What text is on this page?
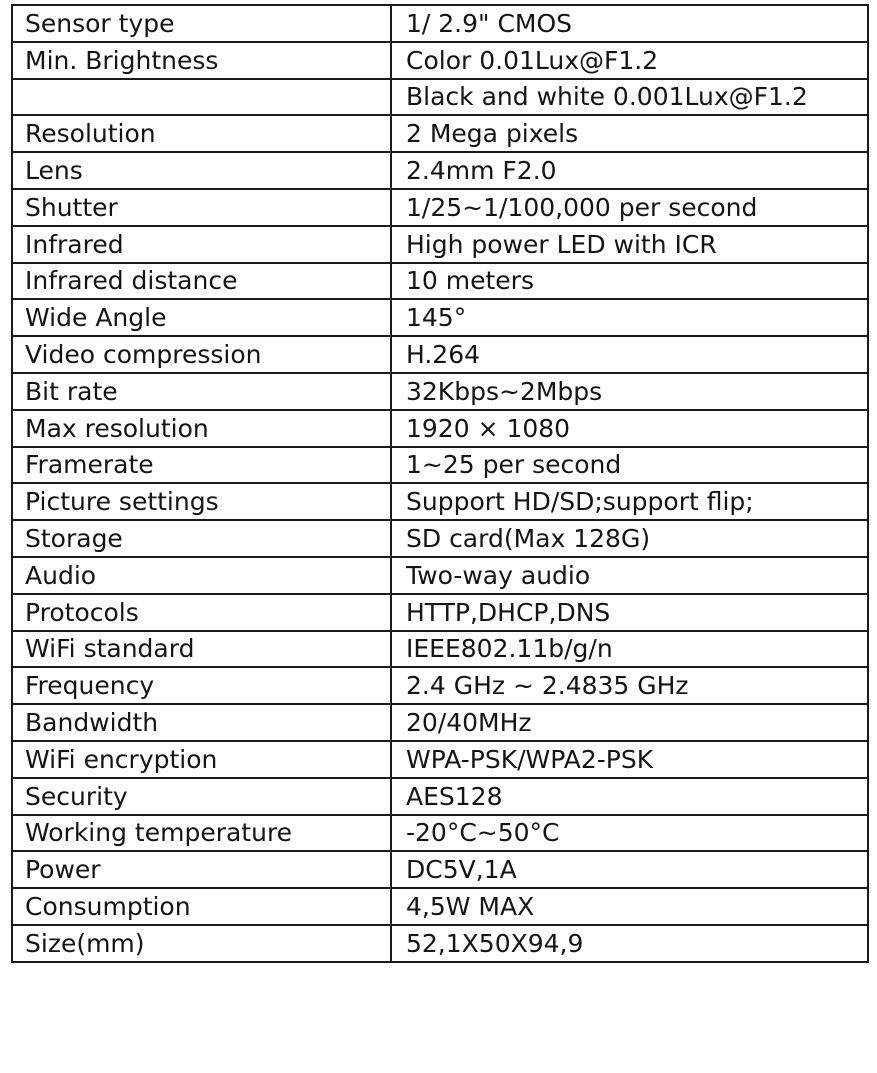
Sensor type	1/ 2.9" CMOS
Min. Brightness	Color 0.01Lux@F1.2
	Black and white 0.001Lux@F1.2
Resolution	2 Mega pixels
Lens	2.4mm F2.0
Shutter	1/25~1/100,000 per second
Infrared	High power LED with ICR
Infrared distance	10 meters
Wide Angle	145°
Video compression	H.264
Bit rate	32Kbps~2Mbps
Max resolution	1920 × 1080
Framerate	1~25 per second
Picture settings	Support HD/SD;support flip;
Storage	SD card(Max 128G)
Audio	Two-way audio
Protocols	HTTP,DHCP,DNS
WiFi standard	IEEE802.11b/g/n
Frequency	2.4 GHz ~ 2.4835 GHz
Bandwidth	20/40MHz
WiFi encryption	WPA-PSK/WPA2-PSK
Security	AES128
Working temperature	-20°C~50°C
Power	DC5V,1A
Consumption	4,5W MAX
Size(mm)	52,1X50X94,9
